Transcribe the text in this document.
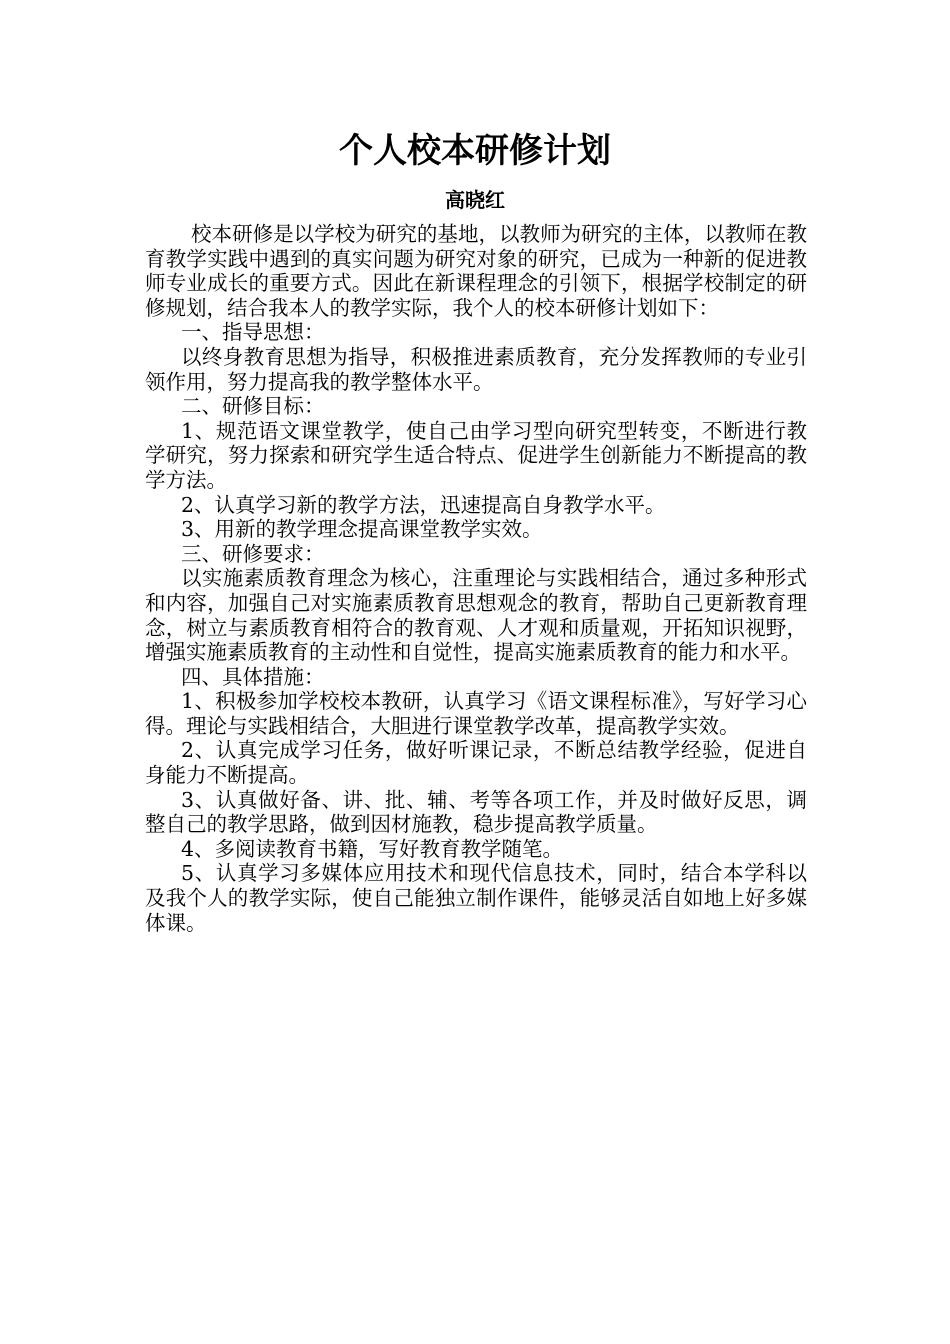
个人校本研修计划
高晓红

校本研修是以学校为研究的基地，以教师为研究的主体，以教师在教育教学实践中遇到的真实问题为研究对象的研究，已成为一种新的促进教师专业成长的重要方式。因此在新课程理念的引领下，根据学校制定的研修规划，结合我本人的教学实际，我个人的校本研修计划如下：

一、指导思想：

以终身教育思想为指导，积极推进素质教育，充分发挥教师的专业引领作用，努力提高我的教学整体水平。

二、研修目标：

1、规范语文课堂教学，使自己由学习型向研究型转变，不断进行教学研究，努力探索和研究学生适合特点、促进学生创新能力不断提高的教学方法。

2、认真学习新的教学方法，迅速提高自身教学水平。

3、用新的教学理念提高课堂教学实效。

三、研修要求：

以实施素质教育理念为核心，注重理论与实践相结合，通过多种形式和内容，加强自己对实施素质教育思想观念的教育，帮助自己更新教育理念，树立与素质教育相符合的教育观、人才观和质量观，开拓知识视野，增强实施素质教育的主动性和自觉性，提高实施素质教育的能力和水平。

四、具体措施：

1、积极参加学校校本教研，认真学习《语文课程标准》，写好学习心得。理论与实践相结合，大胆进行课堂教学改革，提高教学实效。

2、认真完成学习任务，做好听课记录，不断总结教学经验，促进自身能力不断提高。

3、认真做好备、讲、批、辅、考等各项工作，并及时做好反思，调整自己的教学思路，做到因材施教，稳步提高教学质量。

4、多阅读教育书籍，写好教育教学随笔。

5、认真学习多媒体应用技术和现代信息技术，同时，结合本学科以及我个人的教学实际，使自己能独立制作课件，能够灵活自如地上好多媒体课。
